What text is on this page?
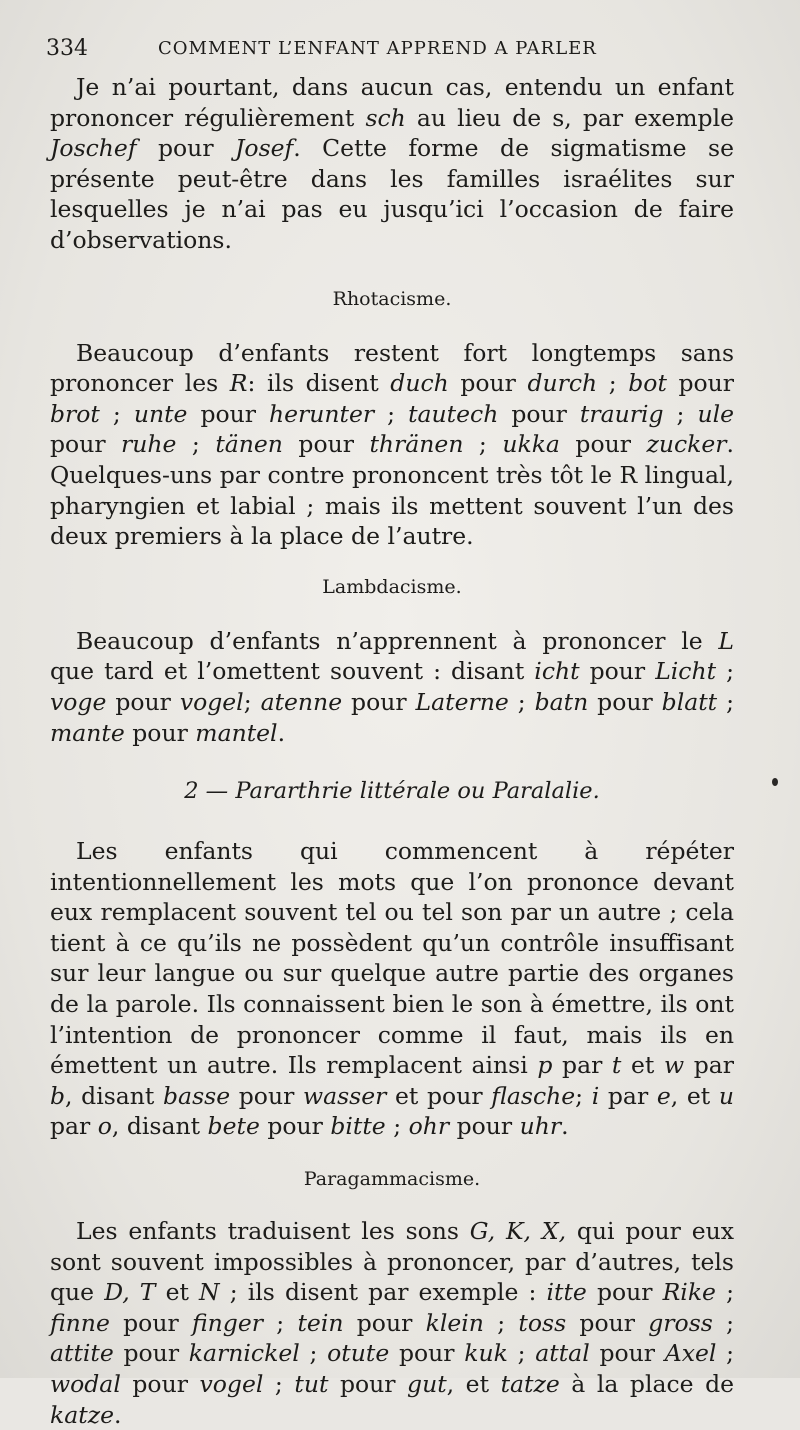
334	COMMENT L’ENFANT APPREND A PARLER

Je n’ai pourtant, dans aucun cas, entendu un enfant prononcer régulièrement sch au lieu de s, par exemple Joschef pour Josef. Cette forme de sigmatisme se présente peut-être dans les familles israélites sur lesquelles je n’ai pas eu jusqu’ici l’occasion de faire d’observations.

Rhotacisme.

Beaucoup d’enfants restent fort longtemps sans prononcer les R: ils disent duch pour durch ; bot pour brot ; unte pour herunter ; tautech pour traurig ; ule pour ruhe ; tänen pour thränen ; ukka pour zucker. Quelques-uns par contre prononcent très tôt le R lingual, pharyngien et labial ; mais ils mettent souvent l’un des deux premiers à la place de l’autre.

Lambdacisme.

Beaucoup d’enfants n’apprennent à prononcer le L que tard et l’omettent souvent : disant icht pour Licht ; voge pour vogel; atenne pour Laterne ; batn pour blatt ; mante pour mantel.

2 — Pararthrie littérale ou Paralalie.

Les enfants qui commencent à répéter intentionnellement les mots que l’on prononce devant eux remplacent souvent tel ou tel son par un autre ; cela tient à ce qu’ils ne possèdent qu’un contrôle insuffisant sur leur langue ou sur quelque autre partie des organes de la parole. Ils connaissent bien le son à émettre, ils ont l’intention de prononcer comme il faut, mais ils en émettent un autre. Ils remplacent ainsi p par t et w par b, disant basse pour wasser et pour flasche; i par e, et u par o, disant bete pour bitte ; ohr pour uhr.

Paragammacisme.

Les enfants traduisent les sons G, K, X, qui pour eux sont souvent impossibles à prononcer, par d’autres, tels que D, T et N ; ils disent par exemple : itte pour Rike ; finne pour finger ; tein pour klein ; toss pour gross ; attite pour karnickel ; otute pour kuk ; attal pour Axel ; wodal pour vogel ; tut pour gut, et tatze à la place de katze.
